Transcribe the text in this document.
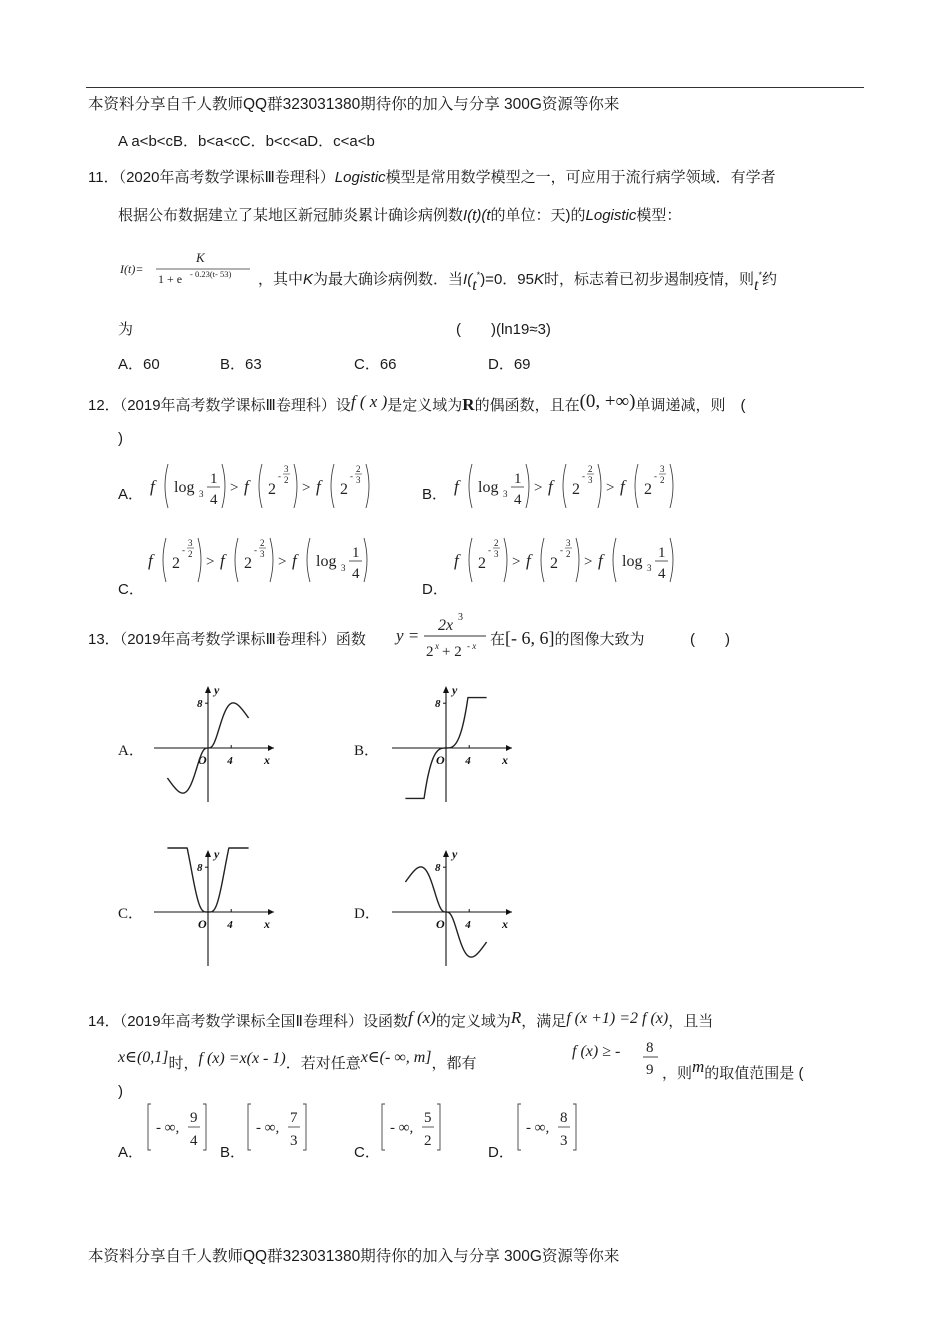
本资料分享自千人教师QQ群323031380期待你的加入与分享 300G资源等你来
A a<b<cB．b<a<cC．b<c<aD．c<a<b
11．（2020年高考数学课标Ⅲ卷理科）Logistic模型是常用数学模型之一，可应用于流行病学领域．有学者
根据公布数据建立了某地区新冠肺炎累计确诊病例数I(t)(t的单位：天)的Logistic模型：
I(t)=
K
1 + e - 0.23(t- 53) ，其中K为最大确诊病例数．当I(t*)=0．95K时，标志着已初步遏制疫情，则t*约
为	(　　)(ln19≈3)
A．60	B．63	C．66	D．69
12．（2019年高考数学课标Ⅲ卷理科）设f ( x )是定义域为R的偶函数，且在(0, +∞)单调递减，则　(
)
A． f log 3
1
4
> f 2
-
3
2 > f 2
-
2
3
B． f log 3
1
4
> f 2
-
2
3 > f 2
-
3
2
C．
f 2
-
3
2 > f 2
-
2
3 > f log 3
1
4
D．
f 2
-
2
3 > f 2
-
3
2 > f log 3
1
4
13．（2019年高考数学课标Ⅲ卷理科）函数 y =
2x 3
2 x + 2 - x 在[- 6, 6]的图像大致为	(　　)
A．
y
x
O
8
4
B．
y
x
O
8
4
C．
y
x
O
8
4
D．
y
x
O
8
4
14．（2019年高考数学课标全国Ⅱ卷理科）设函数f (x)的定义域为R，满足f (x +1) =2 f (x)，且当
x∈(0,1]时，f (x) =x(x - 1)．若对任意x∈(- ∞, m]，都有
f (x) ≥ - 8
9 ，则m的取值范围是 (
)
A．
- ∞,
9
4
B．
- ∞,
7
3
C．
- ∞,
5
2
D．
- ∞,
8
3
本资料分享自千人教师QQ群323031380期待你的加入与分享 300G资源等你来
